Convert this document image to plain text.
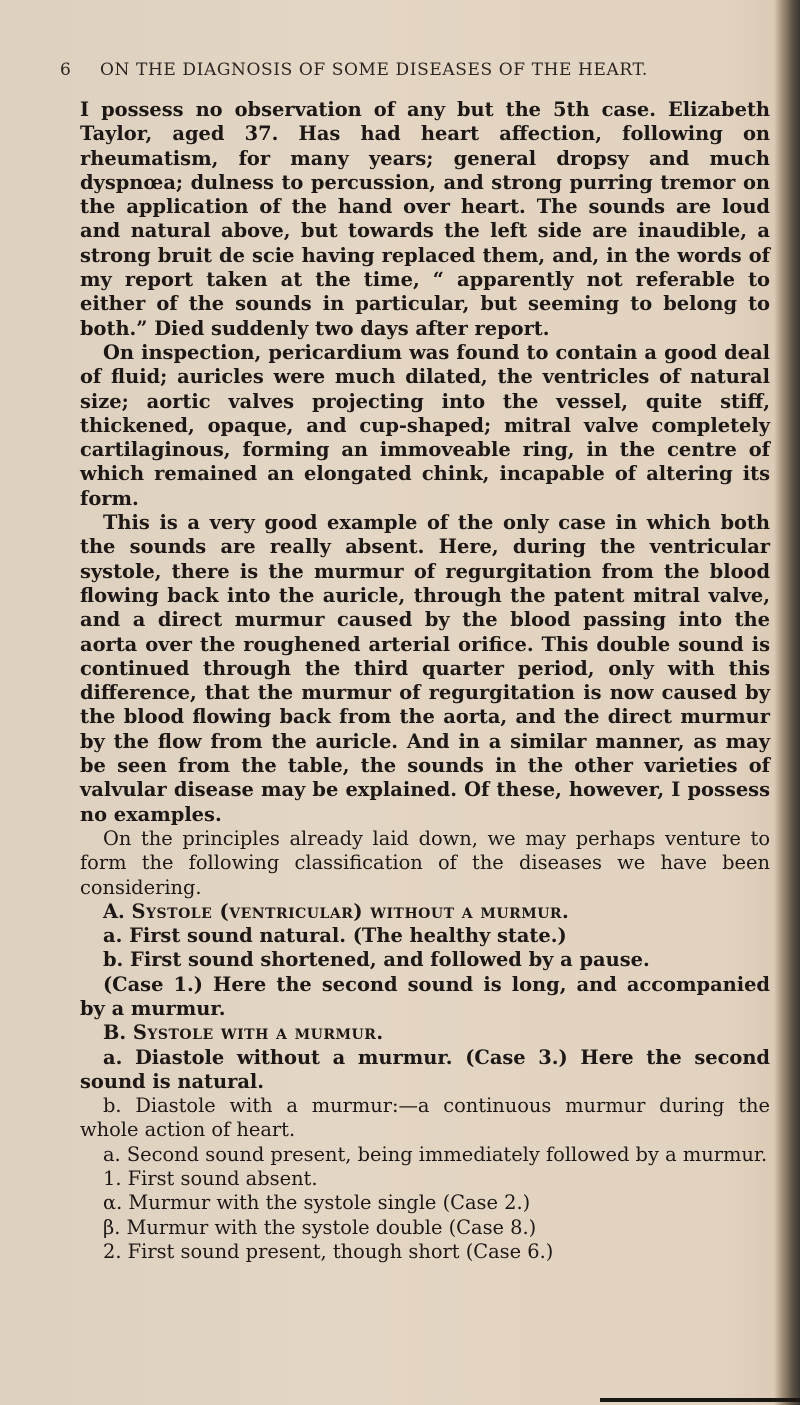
6 ON THE DIAGNOSIS OF SOME DISEASES OF THE HEART.

I possess no observation of any but the 5th case. Elizabeth Taylor, aged 37. Has had heart affection, following on rheumatism, for many years; general dropsy and much dyspnœa; dulness to percussion, and strong purring tremor on the application of the hand over heart. The sounds are loud and natural above, but towards the left side are inaudible, a strong bruit de scie having replaced them, and, in the words of my report taken at the time, “ apparently not referable to either of the sounds in particular, but seeming to belong to both.” Died suddenly two days after report.

On inspection, pericardium was found to contain a good deal of fluid; auricles were much dilated, the ventricles of natural size; aortic valves projecting into the vessel, quite stiff, thickened, opaque, and cup-shaped; mitral valve completely cartilaginous, forming an immoveable ring, in the centre of which remained an elongated chink, incapable of altering its form.

This is a very good example of the only case in which both the sounds are really absent. Here, during the ventricular systole, there is the murmur of regurgitation from the blood flowing back into the auricle, through the patent mitral valve, and a direct murmur caused by the blood passing into the aorta over the roughened arterial orifice. This double sound is continued through the third quarter period, only with this difference, that the murmur of regurgitation is now caused by the blood flowing back from the aorta, and the direct murmur by the flow from the auricle. And in a similar manner, as may be seen from the table, the sounds in the other varieties of valvular disease may be explained. Of these, however, I possess no examples.

On the principles already laid down, we may perhaps venture to form the following classification of the diseases we have been considering.

A. Systole (ventricular) without a murmur.

a. First sound natural. (The healthy state.)

b. First sound shortened, and followed by a pause.

(Case 1.) Here the second sound is long, and accompanied by a murmur.

B. Systole with a murmur.

a. Diastole without a murmur. (Case 3.) Here the second sound is natural.

b. Diastole with a murmur:—a continuous murmur during the whole action of heart.

a. Second sound present, being immediately followed by a murmur.

1. First sound absent.

α. Murmur with the systole single (Case 2.)

β. Murmur with the systole double (Case 8.)

2. First sound present, though short (Case 6.)
